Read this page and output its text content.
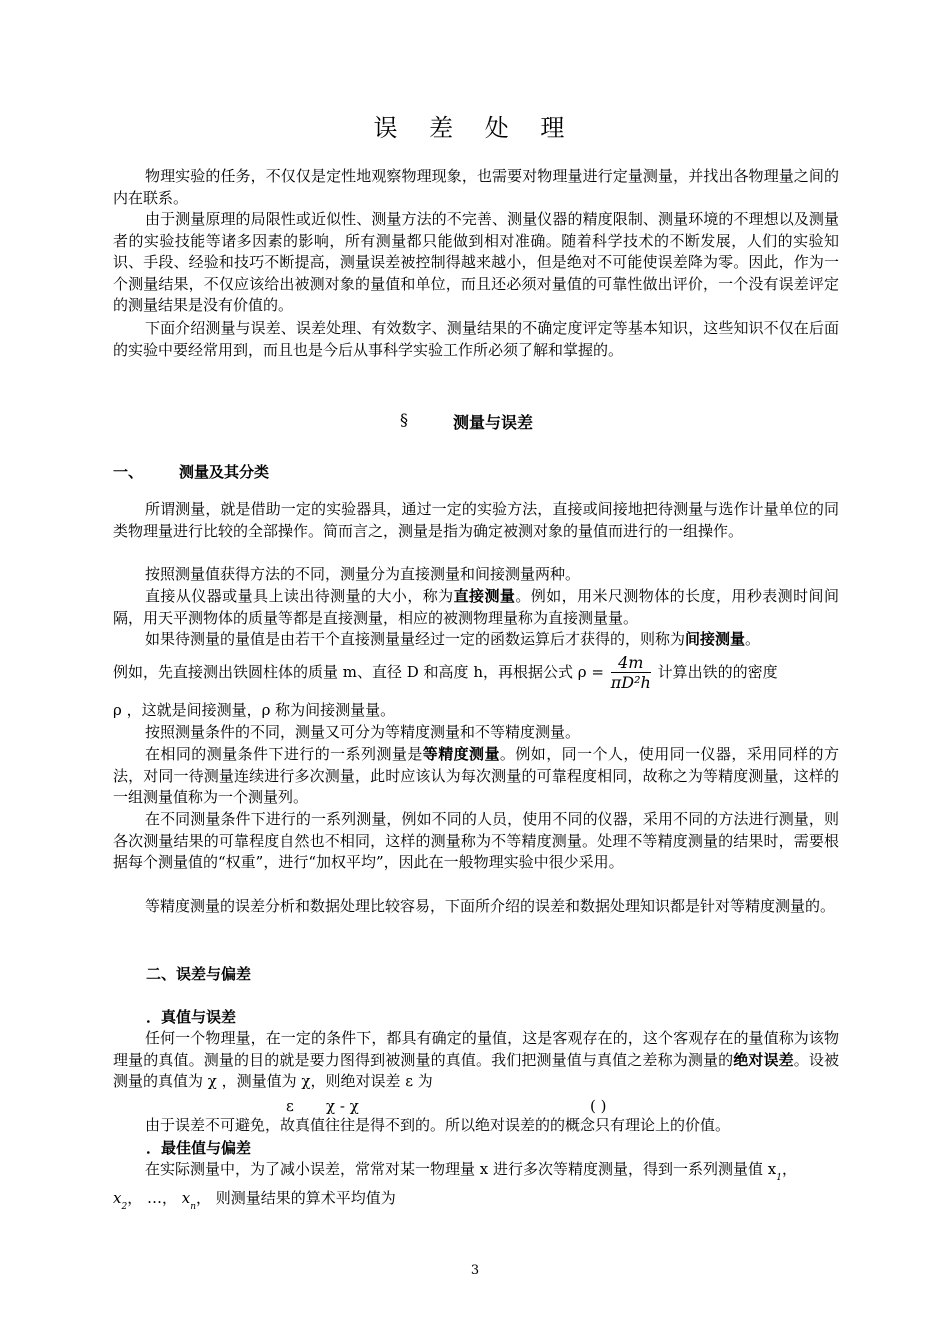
误 差 处 理

物理实验的任务，不仅仅是定性地观察物理现象，也需要对物理量进行定量测量，并找出各物理量之间的内在联系。

由于测量原理的局限性或近似性、测量方法的不完善、测量仪器的精度限制、测量环境的不理想以及测量者的实验技能等诸多因素的影响，所有测量都只能做到相对准确。随着科学技术的不断发展，人们的实验知识、手段、经验和技巧不断提高，测量误差被控制得越来越小，但是绝对不可能使误差降为零。因此，作为一个测量结果，不仅应该给出被测对象的量值和单位，而且还必须对量值的可靠性做出评价，一个没有误差评定的测量结果是没有价值的。

下面介绍测量与误差、误差处理、有效数字、测量结果的不确定度评定等基本知识，这些知识不仅在后面的实验中要经常用到，而且也是今后从事科学实验工作所必须了解和掌握的。

§	测量与误差
一、 测量及其分类

所谓测量，就是借助一定的实验器具，通过一定的实验方法，直接或间接地把待测量与选作计量单位的同类物理量进行比较的全部操作。简而言之，测量是指为确定被测对象的量值而进行的一组操作。

按照测量值获得方法的不同，测量分为直接测量和间接测量两种。

直接从仪器或量具上读出待测量的大小，称为直接测量。例如，用米尺测物体的长度，用秒表测时间间隔，用天平测物体的质量等都是直接测量，相应的被测物理量称为直接测量量。

如果待测量的量值是由若干个直接测量量经过一定的函数运算后才获得的，则称为间接测量。

例如，先直接测出铁圆柱体的质量 m、直径 D 和高度 h，再根据公式 $\rho = \frac{4m}{\text{πD²h}}$ 计算出铁的的密度

ρ ，这就是间接测量，ρ 称为间接测量量。

按照测量条件的不同，测量又可分为等精度测量和不等精度测量。

在相同的测量条件下进行的一系列测量是等精度测量。例如，同一个人，使用同一仪器，采用同样的方法，对同一待测量连续进行多次测量，此时应该认为每次测量的可靠程度相同，故称之为等精度测量，这样的一组测量值称为一个测量列。

在不同测量条件下进行的一系列测量，例如不同的人员，使用不同的仪器，采用不同的方法进行测量，则各次测量结果的可靠程度自然也不相同，这样的测量称为不等精度测量。处理不等精度测量的结果时，需要根据每个测量值的“权重”，进行“加权平均”，因此在一般物理实验中很少采用。

等精度测量的误差分析和数据处理比较容易，下面所介绍的误差和数据处理知识都是针对等精度测量的。

二、误差与偏差
．真值与误差

任何一个物理量，在一定的条件下，都具有确定的量值，这是客观存在的，这个客观存在的量值称为该物理量的真值。测量的目的就是要力图得到被测量的真值。我们把测量值与真值之差称为测量的绝对误差。设被测量的真值为 χ ，测量值为 χ，则绝对误差 ε 为

ε χ - χ	( )

由于误差不可避免，故真值往往是得不到的。所以绝对误差的的概念只有理论上的价值。

．最佳值与偏差

在实际测量中，为了减小误差，常常对某一物理量 x 进行多次等精度测量，得到一系列测量值 $x_1$，

$x_2$， …， $x_n$， 则测量结果的算术平均值为
3
